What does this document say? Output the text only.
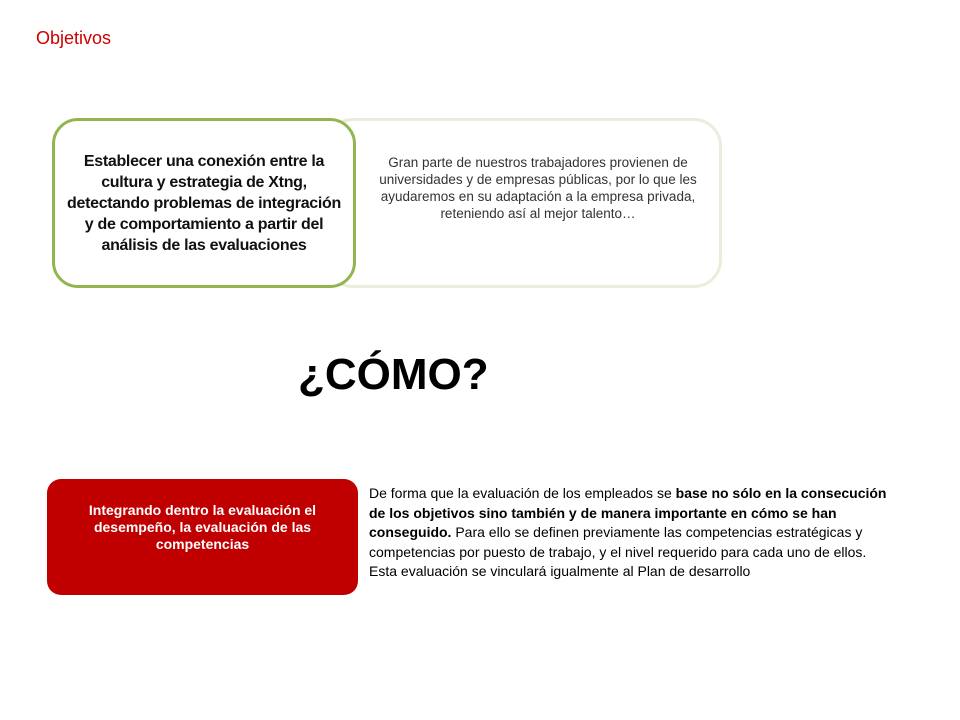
Objetivos
Gran parte de nuestros trabajadores provienen de universidades y de empresas públicas, por lo que les ayudaremos en su adaptación a la empresa privada, reteniendo así al mejor talento…
Establecer una conexión entre la cultura y estrategia de Xtng, detectando problemas de integración y de comportamiento a partir del análisis de las evaluaciones
¿CÓMO?
Integrando dentro la evaluación el desempeño, la evaluación de las competencias
De forma que la evaluación de los empleados se base no sólo en la consecución de los objetivos sino también y de manera importante en cómo se han conseguido. Para ello se definen previamente las competencias estratégicas y competencias por puesto de trabajo, y el nivel requerido para cada uno de ellos. Esta evaluación se vinculará igualmente al Plan de desarrollo
